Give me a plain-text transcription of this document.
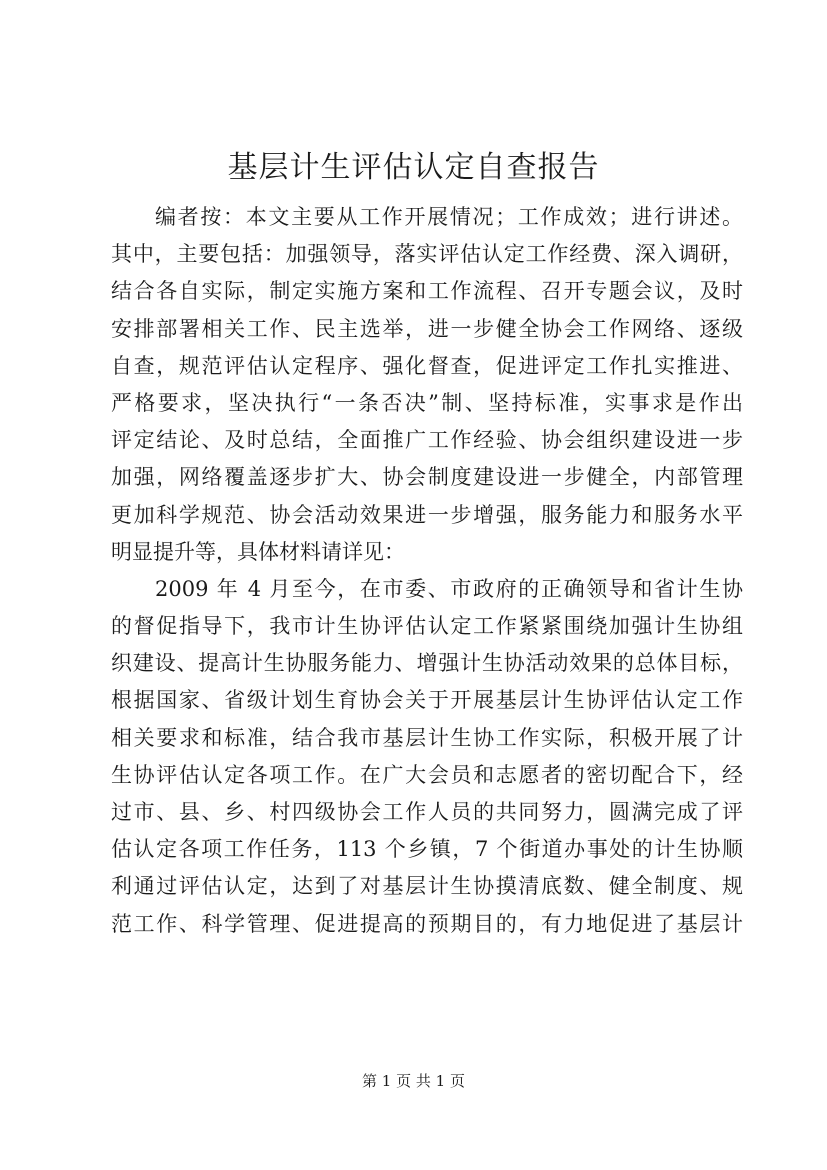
基层计生评估认定自查报告
编者按：本文主要从工作开展情况；工作成效；进行讲述。
其中，主要包括：加强领导，落实评估认定工作经费、深入调研，
结合各自实际，制定实施方案和工作流程、召开专题会议，及时
安排部署相关工作、民主选举，进一步健全协会工作网络、逐级
自查，规范评估认定程序、强化督查，促进评定工作扎实推进、
严格要求，坚决执行“一条否决”制、坚持标准，实事求是作出
评定结论、及时总结，全面推广工作经验、协会组织建设进一步
加强，网络覆盖逐步扩大、协会制度建设进一步健全，内部管理
更加科学规范、协会活动效果进一步增强，服务能力和服务水平
明显提升等，具体材料请详见：
2009 年 4 月至今，在市委、市政府的正确领导和省计生协
的督促指导下，我市计生协评估认定工作紧紧围绕加强计生协组
织建设、提高计生协服务能力、增强计生协活动效果的总体目标，
根据国家、省级计划生育协会关于开展基层计生协评估认定工作
相关要求和标准，结合我市基层计生协工作实际，积极开展了计
生协评估认定各项工作。在广大会员和志愿者的密切配合下，经
过市、县、乡、村四级协会工作人员的共同努力，圆满完成了评
估认定各项工作任务，113 个乡镇，7 个街道办事处的计生协顺
利通过评估认定，达到了对基层计生协摸清底数、健全制度、规
范工作、科学管理、促进提高的预期目的，有力地促进了基层计
第 1 页 共 1 页
